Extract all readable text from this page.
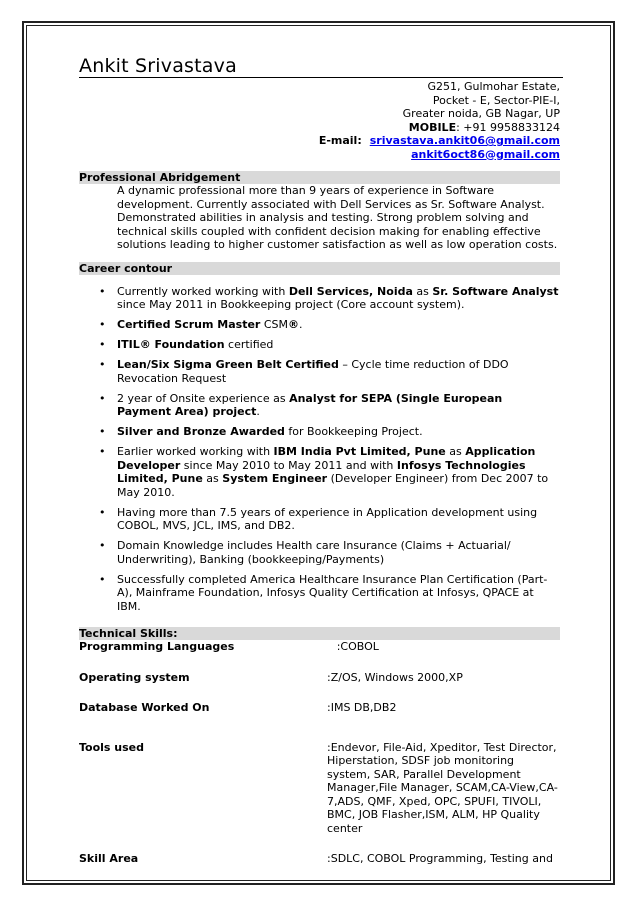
Ankit Srivastava
G251, Gulmohar Estate,
Pocket - E, Sector-PIE-I,
Greater noida, GB Nagar, UP
MOBILE: +91 9958833124
E-mail: srivastava.ankit06@gmail.com
ankit6oct86@gmail.com
Professional Abridgement
A dynamic professional more than 9 years of experience in Software development. Currently associated with Dell Services as Sr. Software Analyst. Demonstrated abilities in analysis and testing. Strong problem solving and technical skills coupled with confident decision making for enabling effective solutions leading to higher customer satisfaction as well as low operation costs.
Career contour
• Currently worked working with Dell Services, Noida as Sr. Software Analyst since May 2011 in Bookkeeping project (Core account system).
• Certified Scrum Master CSM®.
• ITIL® Foundation certified
• Lean/Six Sigma Green Belt Certified – Cycle time reduction of DDO Revocation Request
• 2 year of Onsite experience as Analyst for SEPA (Single European Payment Area) project.
• Silver and Bronze Awarded for Bookkeeping Project.
• Earlier worked working with IBM India Pvt Limited, Pune as Application Developer since May 2010 to May 2011 and with Infosys Technologies Limited, Pune as System Engineer (Developer Engineer) from Dec 2007 to May 2010.
• Having more than 7.5 years of experience in Application development using COBOL, MVS, JCL, IMS, and DB2.
• Domain Knowledge includes Health care Insurance (Claims + Actuarial/ Underwriting), Banking (bookkeeping/Payments)
• Successfully completed America Healthcare Insurance Plan Certification (Part-A), Mainframe Foundation, Infosys Quality Certification at Infosys, QPACE at IBM.
Technical Skills:
Programming Languages	:COBOL
Operating system	:Z/OS, Windows 2000,XP
Database Worked On	:IMS DB,DB2
Tools used	:Endevor, File-Aid, Xpeditor, Test Director, Hiperstation, SDSF job monitoring system, SAR, Parallel Development Manager,File Manager, SCAM,CA-View,CA-7,ADS, QMF, Xped, OPC, SPUFI, TIVOLI, BMC, JOB Flasher,ISM, ALM, HP Quality center
Skill Area	:SDLC, COBOL Programming, Testing and
